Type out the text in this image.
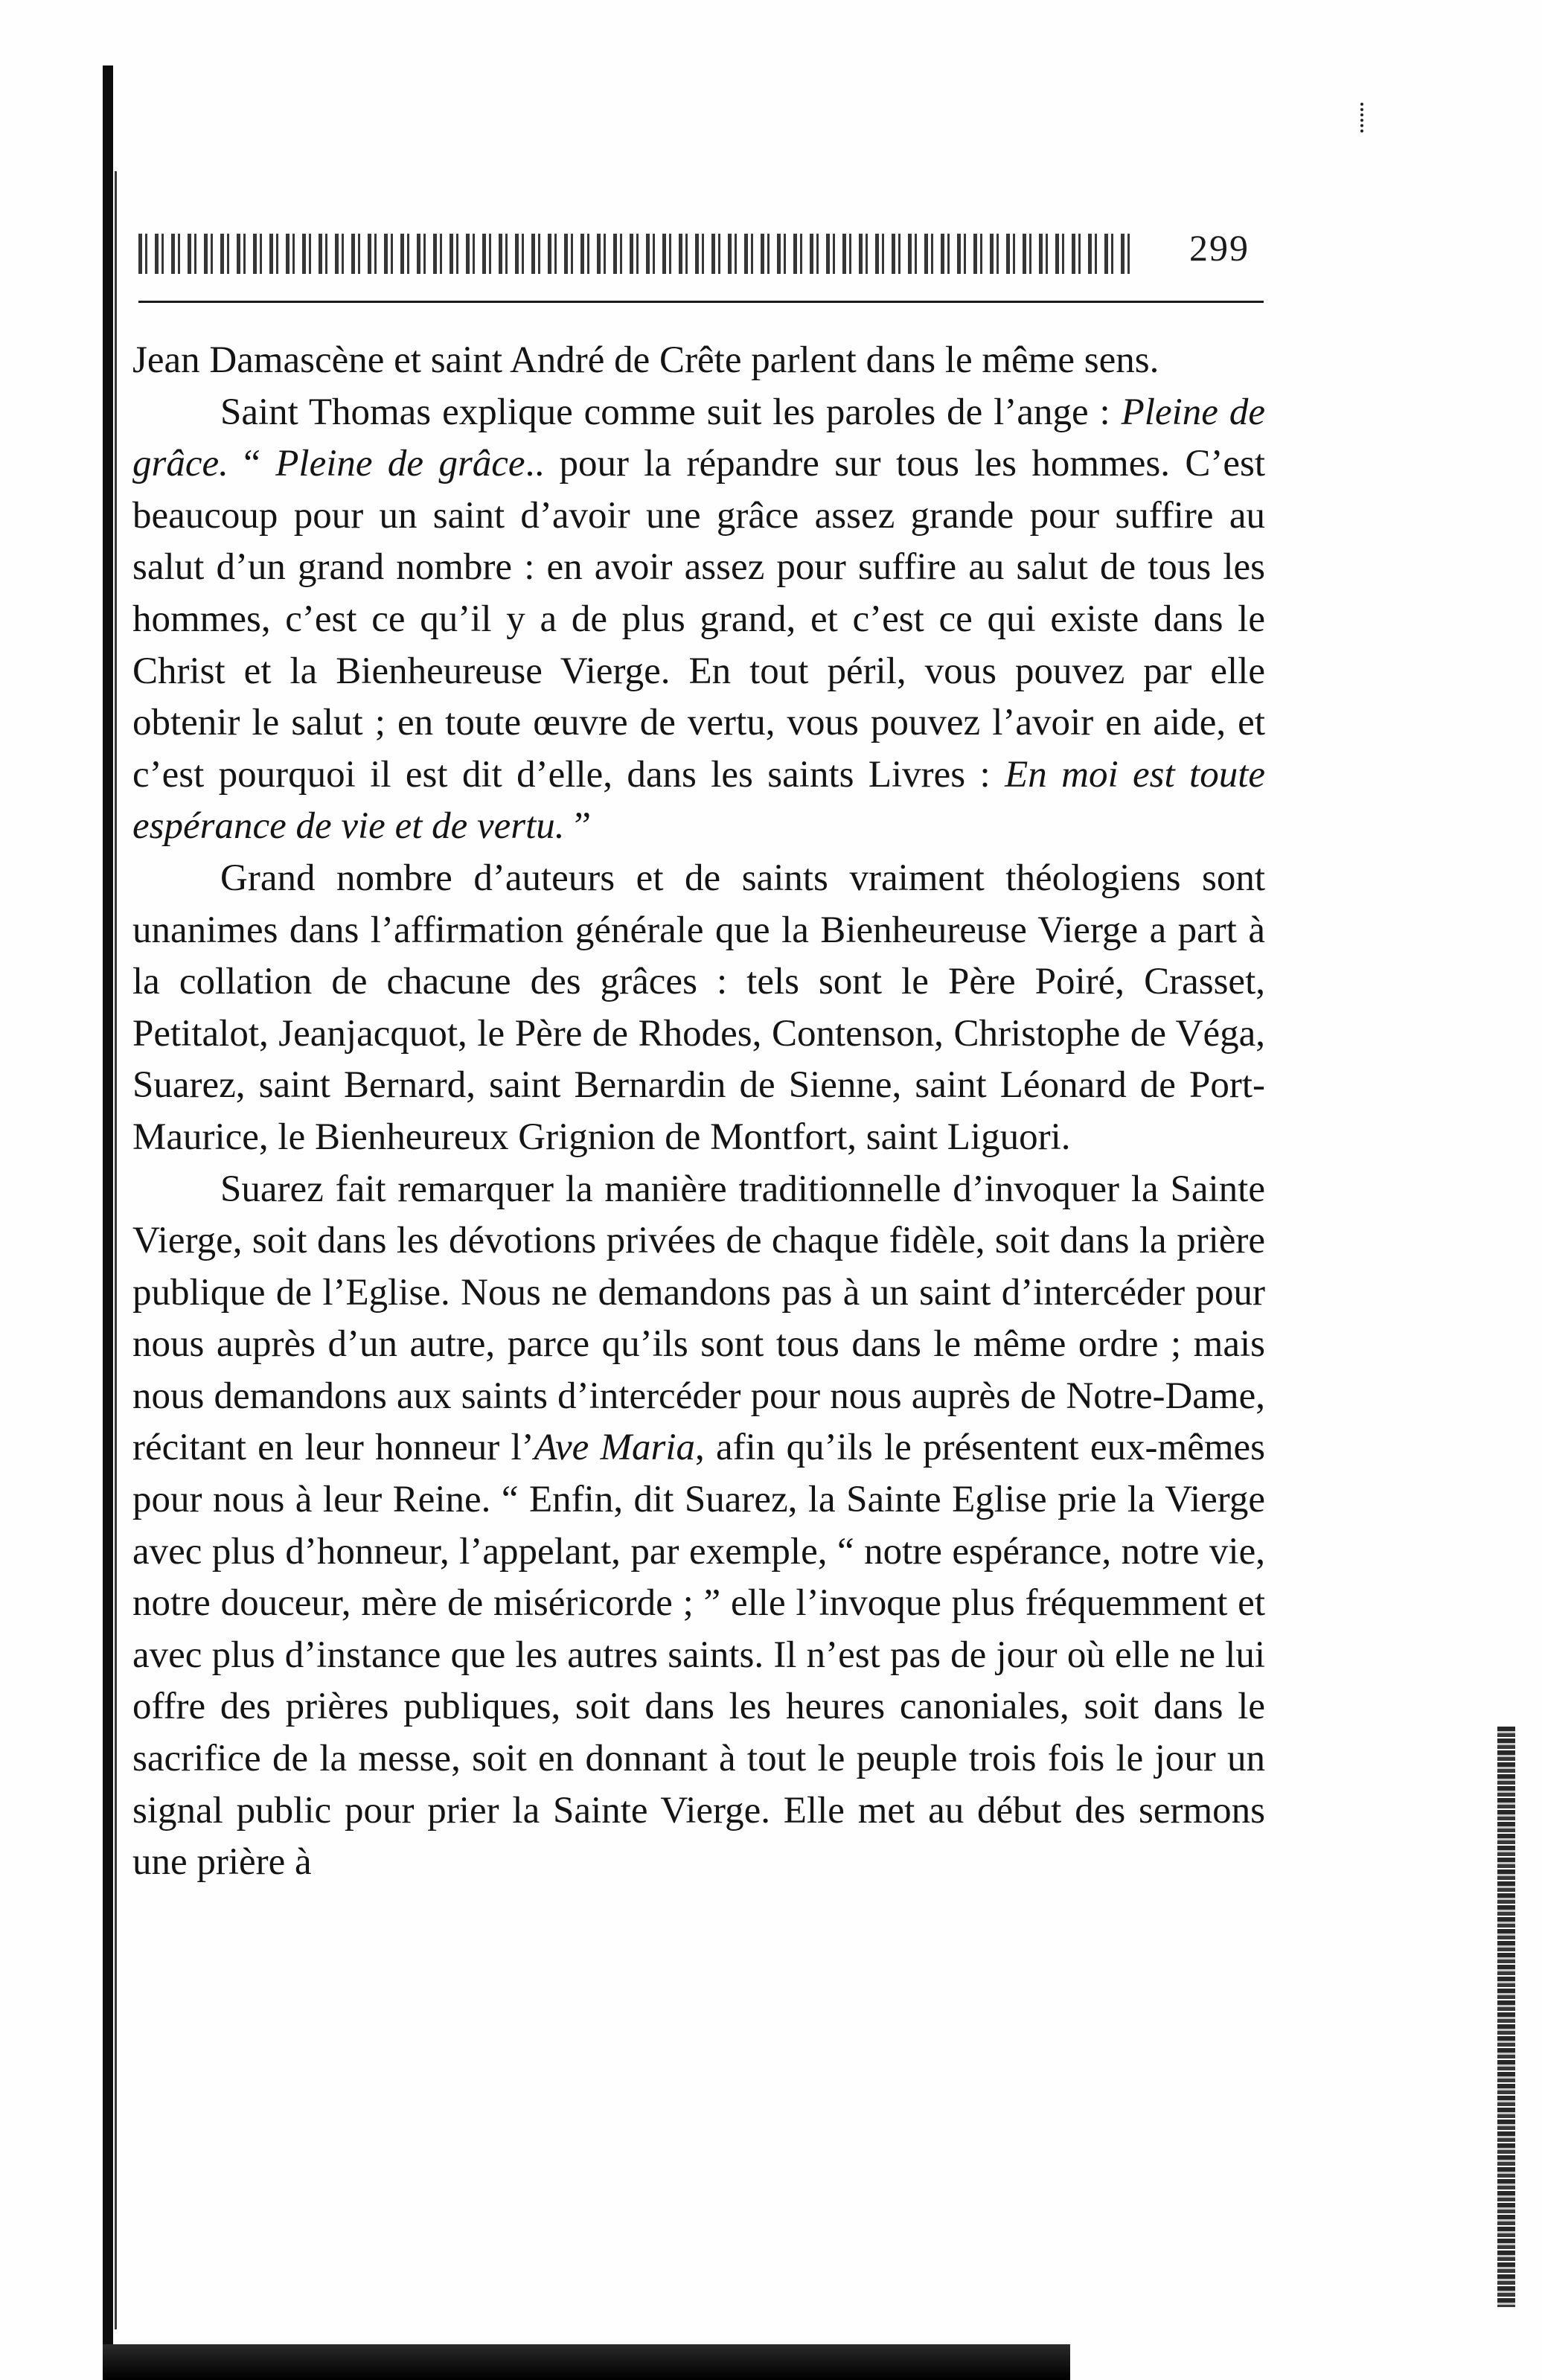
299

Jean Damascène et saint André de Crête parlent dans le même sens.

Saint Thomas explique comme suit les paroles de l’ange : Pleine de grâce. “ Pleine de grâce.. pour la répandre sur tous les hommes. C’est beaucoup pour un saint d’avoir une grâce assez grande pour suffire au salut d’un grand nombre : en avoir assez pour suffire au salut de tous les hommes, c’est ce qu’il y a de plus grand, et c’est ce qui existe dans le Christ et la Bienheureuse Vierge. En tout péril, vous pouvez par elle obtenir le salut ; en toute œuvre de vertu, vous pouvez l’avoir en aide, et c’est pourquoi il est dit d’elle, dans les saints Livres : En moi est toute espérance de vie et de vertu. ”

Grand nombre d’auteurs et de saints vraiment théologiens sont unanimes dans l’affirmation générale que la Bienheureuse Vierge a part à la collation de chacune des grâces : tels sont le Père Poiré, Crasset, Petitalot, Jeanjacquot, le Père de Rhodes, Contenson, Christophe de Véga, Suarez, saint Bernard, saint Bernardin de Sienne, saint Léonard de Port-Maurice, le Bienheureux Grignion de Montfort, saint Liguori.

Suarez fait remarquer la manière traditionnelle d’invoquer la Sainte Vierge, soit dans les dévotions privées de chaque fidèle, soit dans la prière publique de l’Eglise. Nous ne demandons pas à un saint d’intercéder pour nous auprès d’un autre, parce qu’ils sont tous dans le même ordre ; mais nous demandons aux saints d’intercéder pour nous auprès de Notre-Dame, récitant en leur honneur l’Ave Maria, afin qu’ils le présentent eux-mêmes pour nous à leur Reine. “ Enfin, dit Suarez, la Sainte Eglise prie la Vierge avec plus d’honneur, l’appelant, par exemple, “ notre espérance, notre vie, notre douceur, mère de miséricorde ; ” elle l’invoque plus fréquemment et avec plus d’instance que les autres saints. Il n’est pas de jour où elle ne lui offre des prières publiques, soit dans les heures canoniales, soit dans le sacrifice de la messe, soit en donnant à tout le peuple trois fois le jour un signal public pour prier la Sainte Vierge. Elle met au début des sermons une prière à
